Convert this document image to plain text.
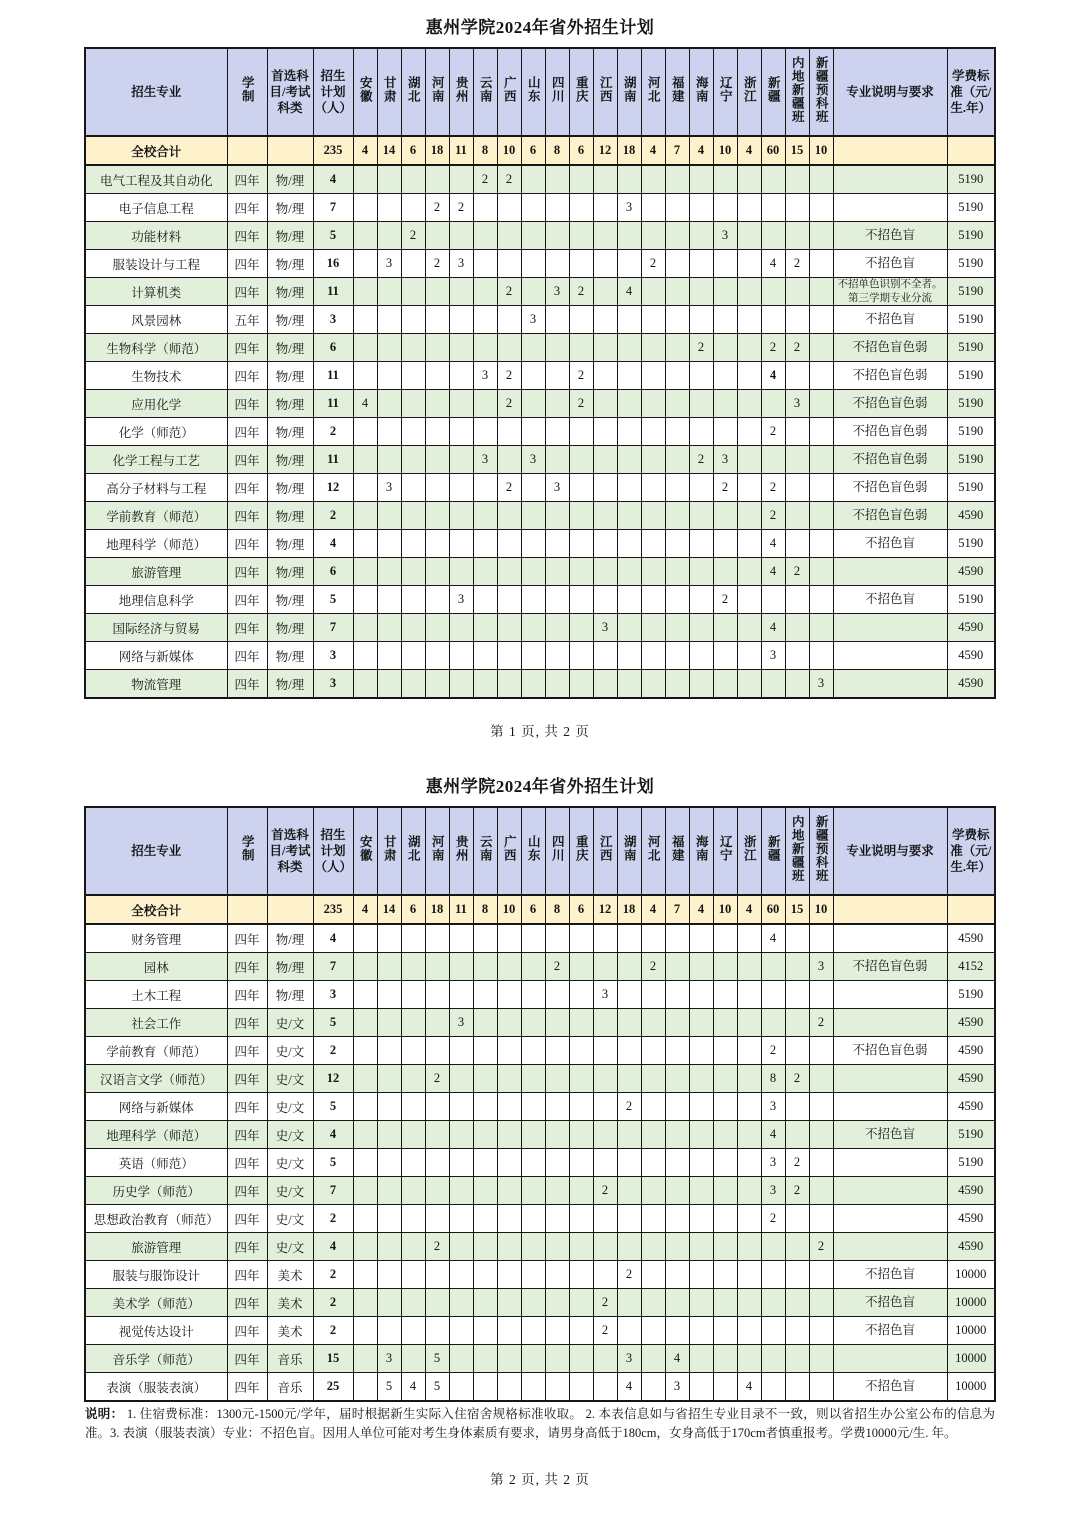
惠州学院2024年省外招生计划
招生专业	学制	首选科目/考试科类	招生计划（人）	安徽	甘肃	湖北	河南	贵州	云南	广西	山东	四川	重庆	江西	湖南	河北	福建	海南	辽宁	浙江	新疆	内地新疆班	新疆预科班	专业说明与要求	学费标准（元/生.年）
全校合计			235	4	14	6	18	11	8	10	6	8	6	12	18	4	7	4	10	4	60	15	10		
电气工程及其自动化	四年	物/理	4						2	2															5190
电子信息工程	四年	物/理	7				2	2							3										5190
功能材料	四年	物/理	5			2													3					不招色盲	5190
服装设计与工程	四年	物/理	16		3		2	3								2					4	2		不招色盲	5190
计算机类	四年	物/理	11							2		3	2		4									不招单色识别不全者。第三学期专业分流	5190
风景园林	五年	物/理	3								3													不招色盲	5190
生物科学（师范）	四年	物/理	6															2			2	2		不招色盲色弱	5190
生物技术	四年	物/理	11						3	2			2								4			不招色盲色弱	5190
应用化学	四年	物/理	11	4						2			2									3		不招色盲色弱	5190
化学（师范）	四年	物/理	2																		2			不招色盲色弱	5190
化学工程与工艺	四年	物/理	11						3		3							2	3					不招色盲色弱	5190
高分子材料与工程	四年	物/理	12		3					2		3							2		2			不招色盲色弱	5190
学前教育（师范）	四年	物/理	2																		2			不招色盲色弱	4590
地理科学（师范）	四年	物/理	4																		4			不招色盲	5190
旅游管理	四年	物/理	6																		4	2			4590
地理信息科学	四年	物/理	5					3											2					不招色盲	5190
国际经济与贸易	四年	物/理	7											3							4				4590
网络与新媒体	四年	物/理	3																		3				4590
物流管理	四年	物/理	3																				3		4590
第 1 页, 共 2 页
惠州学院2024年省外招生计划
招生专业	学制	首选科目/考试科类	招生计划（人）	安徽	甘肃	湖北	河南	贵州	云南	广西	山东	四川	重庆	江西	湖南	河北	福建	海南	辽宁	浙江	新疆	内地新疆班	新疆预科班	专业说明与要求	学费标准（元/生.年）
全校合计			235	4	14	6	18	11	8	10	6	8	6	12	18	4	7	4	10	4	60	15	10		
财务管理	四年	物/理	4																		4				4590
园林	四年	物/理	7									2				2							3	不招色盲色弱	4152
土木工程	四年	物/理	3											3											5190
社会工作	四年	史/文	5					3															2		4590
学前教育（师范）	四年	史/文	2																		2			不招色盲色弱	4590
汉语言文学（师范）	四年	史/文	12				2														8	2			4590
网络与新媒体	四年	史/文	5												2						3				4590
地理科学（师范）	四年	史/文	4																		4			不招色盲	5190
英语（师范）	四年	史/文	5																		3	2			5190
历史学（师范）	四年	史/文	7											2							3	2			4590
思想政治教育（师范）	四年	史/文	2																		2				4590
旅游管理	四年	史/文	4				2																2		4590
服装与服饰设计	四年	美术	2												2									不招色盲	10000
美术学（师范）	四年	美术	2											2										不招色盲	10000
视觉传达设计	四年	美术	2											2										不招色盲	10000
音乐学（师范）	四年	音乐	15		3		5								3		4								10000
表演（服装表演）	四年	音乐	25		5	4	5								4		3			4				不招色盲	10000
说明： 1. 住宿费标准：1300元-1500元/学年，届时根据新生实际入住宿舍规格标准收取。 2. 本表信息如与省招生专业目录不一致，则以省招生办公室公布的信息为准。3. 表演（服装表演）专业：不招色盲。因用人单位可能对考生身体素质有要求，请男身高低于180cm，女身高低于170cm者慎重报考。学费10000元/生. 年。
第 2 页, 共 2 页
